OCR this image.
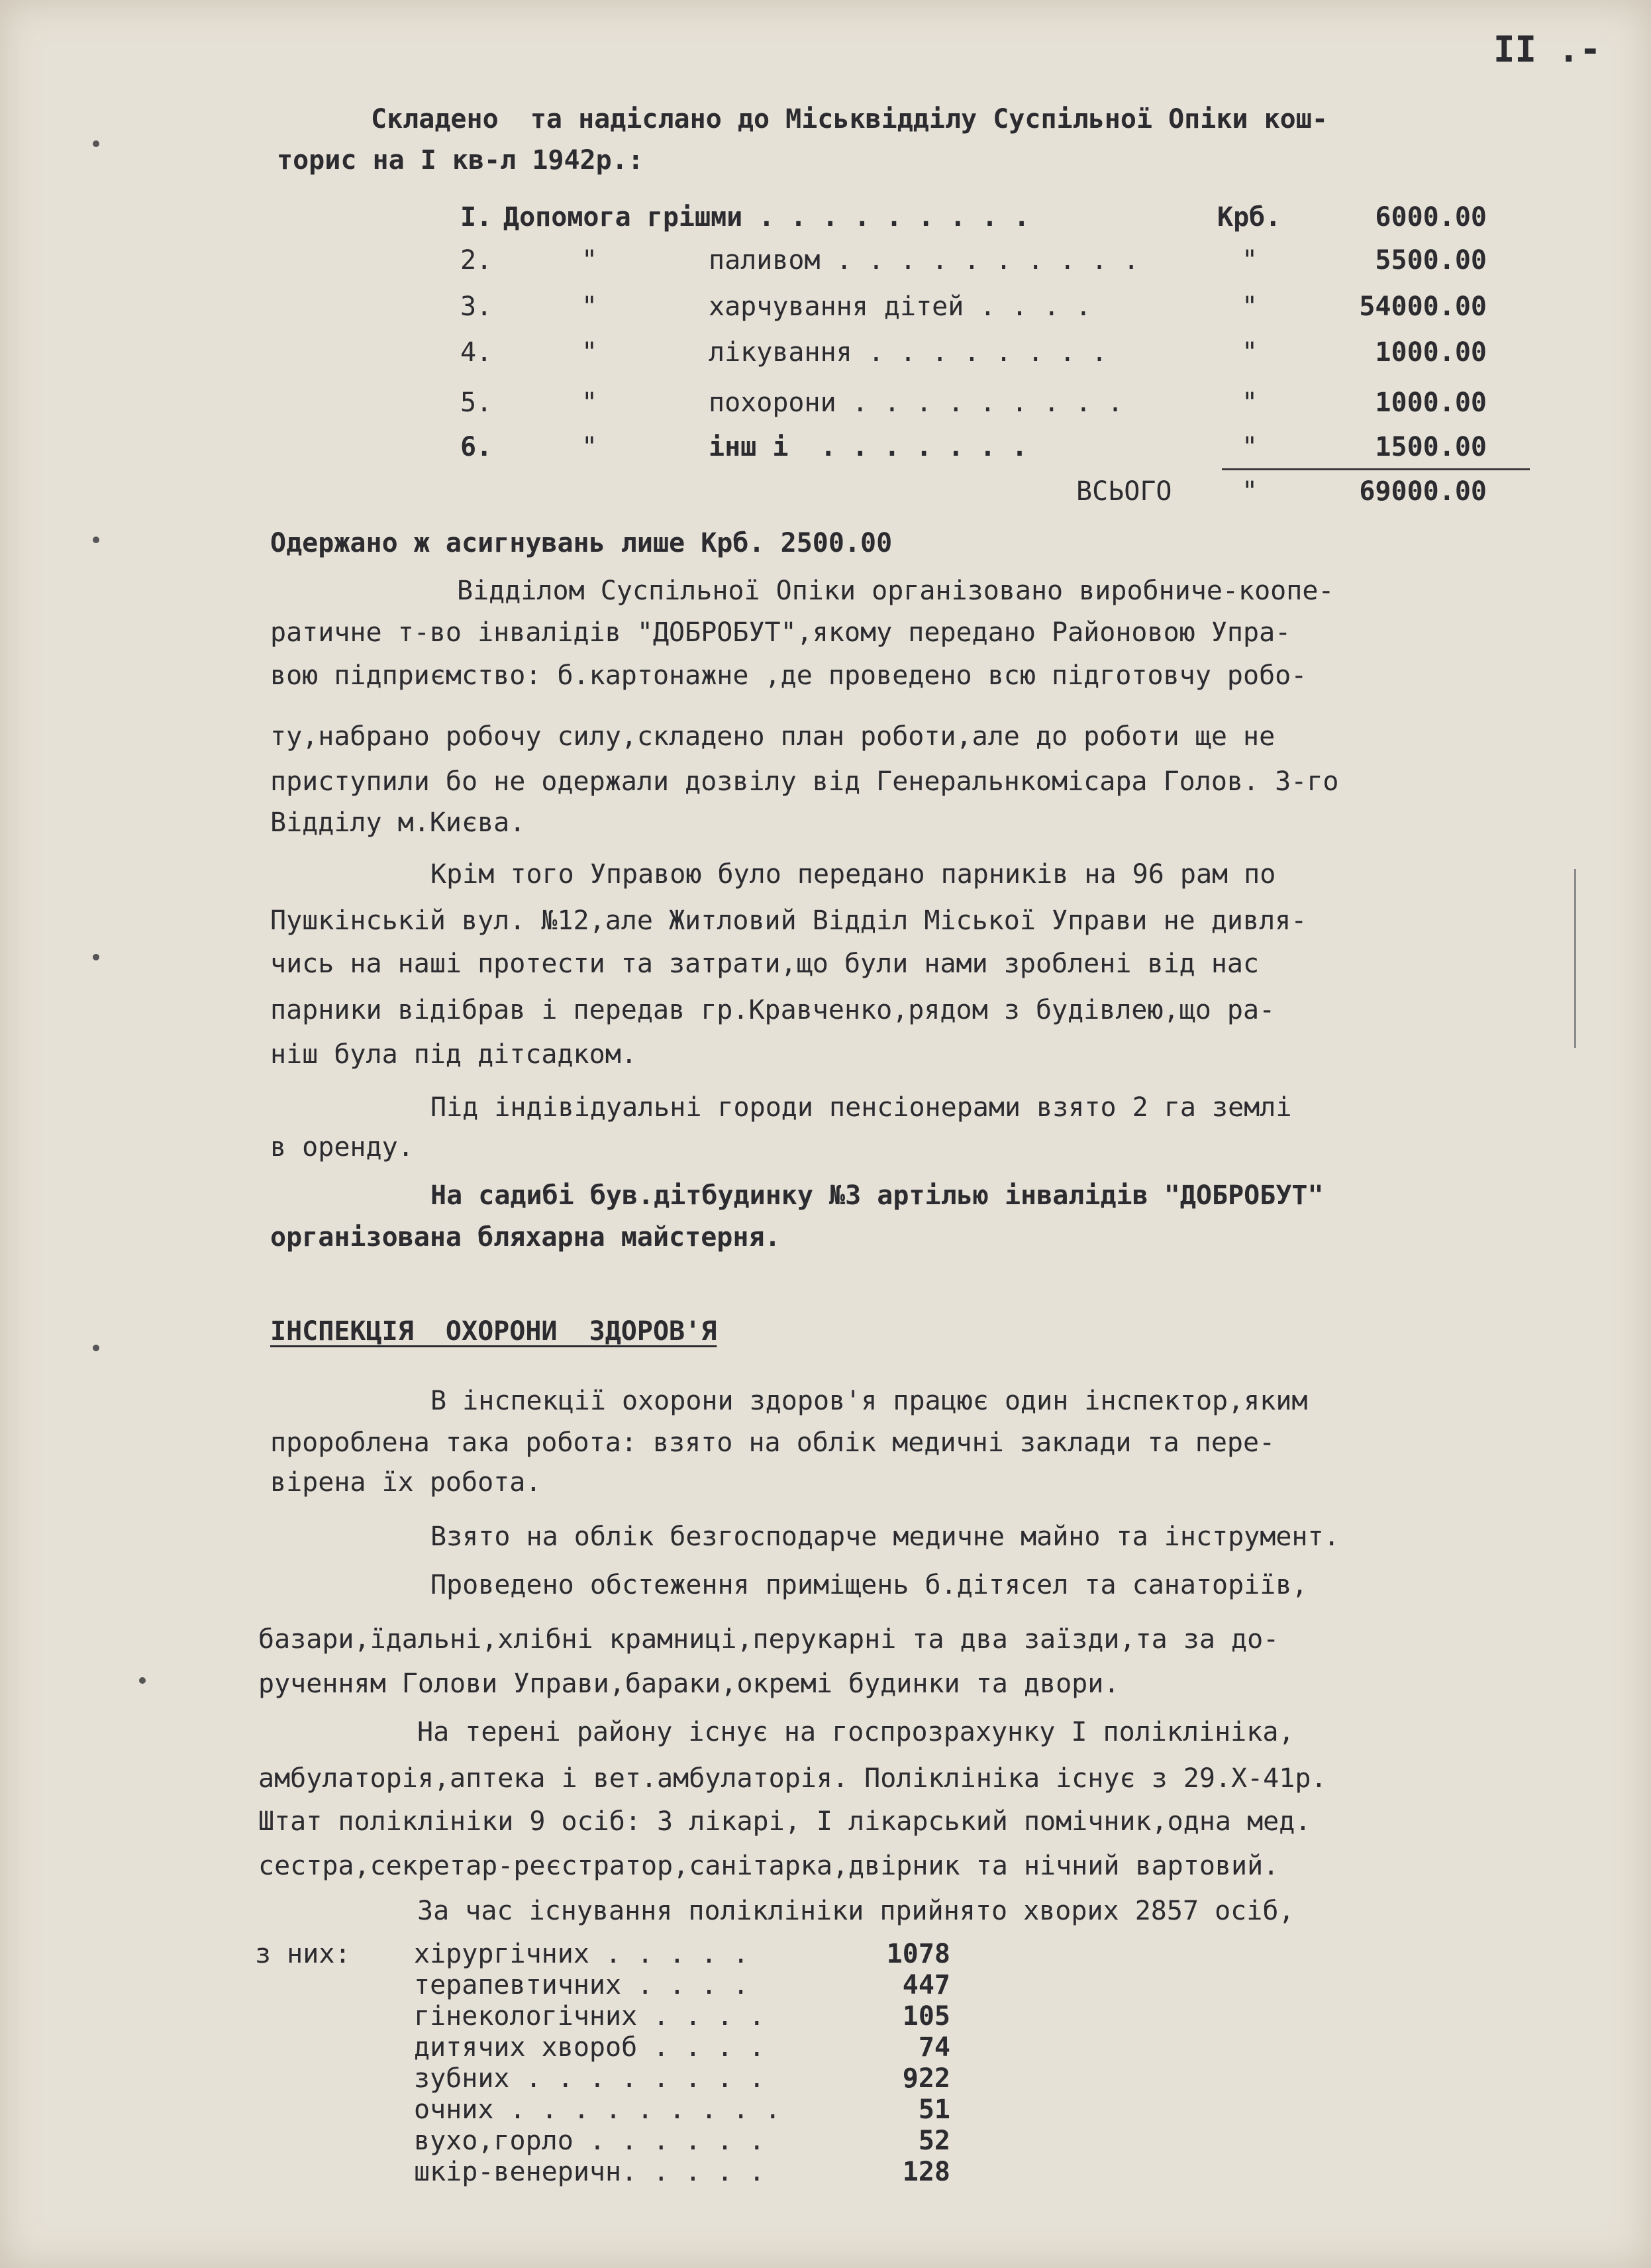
II .-
Складено  та надіслано до Міськвідділу Суспільної Опіки кош-
торис на I кв-л 1942р.:
I. Допомога грішми . . . . . . . . .	Крб.	6000.00
2.	"	паливом . . . . . . . . . .	"	5500.00
3.	"	харчування дітей . . . .	"	54000.00
4.	"	лікування . . . . . . . .	"	1000.00
5.	"	похорони . . . . . . . . .	"	1000.00
6.	"	інш і  . . . . . . .	"	1500.00
ВСЬОГО	"	69000.00
Одержано ж асигнувань лише Крб. 2500.00
Відділом Суспільної Опіки організовано виробниче-коопе-
ратичне т-во інвалідів "ДОБРОБУТ",якому передано Районовою Упра-
вою підприємство: б.картонажне ,де проведено всю підготовчу робо-
ту,набрано робочу силу,складено план роботи,але до роботи ще не
приступили бо не одержали дозвілу від Генеральнкомісара Голов. 3-го
Відділу м.Києва.
Крім того Управою було передано парників на 96 рам по
Пушкінській вул. №12,але Житловий Відділ Міської Управи не дивля-
чись на наші протести та затрати,що були нами зроблені від нас
парники відібрав і передав гр.Кравченко,рядом з будівлею,що ра-
ніш була під дітсадком.
Під індівідуальні городи пенсіонерами взято 2 га землі
в оренду.
На садибі був.дітбудинку №3 артілью інвалідів "ДОБРОБУТ"
організована бляхарна майстерня.
ІНСПЕКЦІЯ  ОХОРОНИ  ЗДОРОВ'Я
В інспекції охорони здоров'я працює один інспектор,яким
пророблена така робота: взято на облік медичні заклади та пере-
вірена їх робота.
Взято на облік безгосподарче медичне майно та інструмент.
Проведено обстеження приміщень б.дітясел та санаторіїв,
базари,їдальні,хлібні крамниці,перукарні та два заїзди,та за до-
рученням Голови Управи,бараки,окремі будинки та двори.
На терені району існує на госпрозрахунку I поліклініка,
амбулаторія,аптека і вет.амбулаторія. Поліклініка існує з 29.X-41р.
Штат поліклініки 9 осіб: 3 лікарі, I лікарський помічник,одна мед.
сестра,секретар-реєстратор,санітарка,двірник та нічний вартовий.
За час існування поліклініки прийнято хворих 2857 осіб,
з них: хірургічних . . . . .	1078
терапевтичних . . . .	447
гінекологічних . . . .	105
дитячих хвороб . . . .	74
зубних . . . . . . . .	922
очних . . . . . . . . .	51
вухо,горло . . . . . .	52
шкір-венеричн. . . . .	128
